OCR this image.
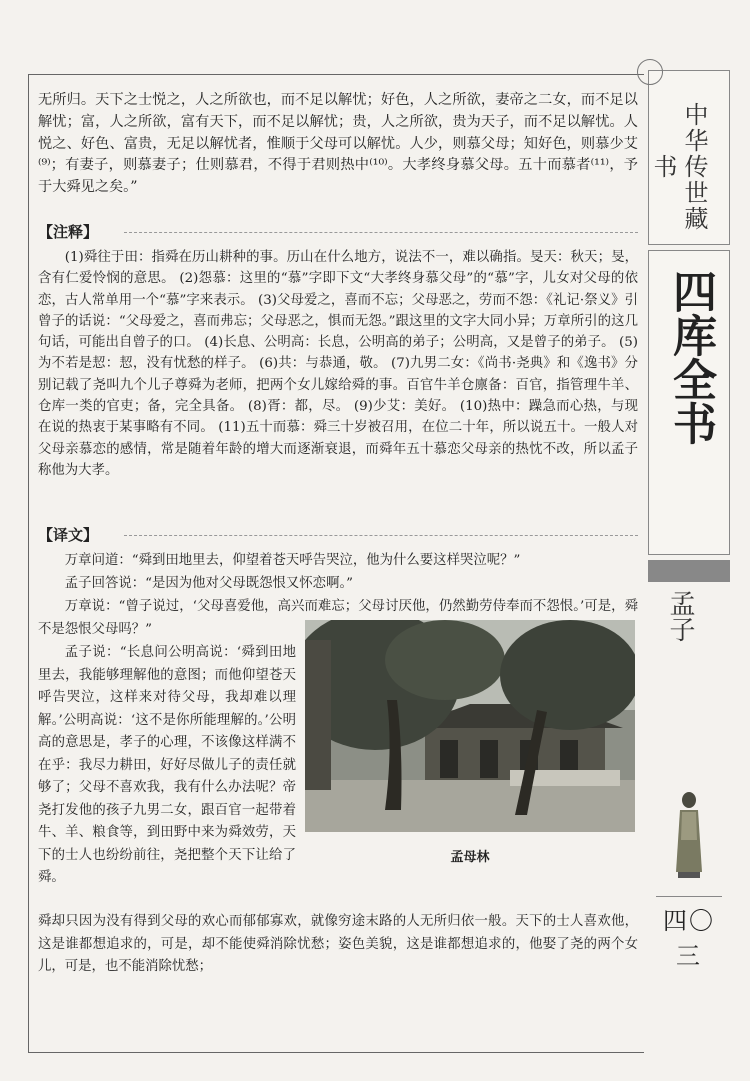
中华传世藏书
四库全书
孟子
四〇三

无所归。天下之士悦之，人之所欲也，而不足以解忧；好色，人之所欲，妻帝之二女，而不足以解忧；富，人之所欲，富有天下，而不足以解忧；贵，人之所欲，贵为天子，而不足以解忧。人悦之、好色、富贵，无足以解忧者，惟顺于父母可以解忧。人少，则慕父母；知好色，则慕少艾⁽⁹⁾；有妻子，则慕妻子；仕则慕君，不得于君则热中⁽¹⁰⁾。大孝终身慕父母。五十而慕者⁽¹¹⁾，予于大舜见之矣。”

【注释】

(1)舜往于田：指舜在历山耕种的事。历山在什么地方，说法不一，难以确指。旻天：秋天；旻，含有仁爱怜悯的意思。 (2)怨慕：这里的“慕”字即下文“大孝终身慕父母”的“慕”字，儿女对父母的依恋，古人常单用一个“慕”字来表示。 (3)父母爱之，喜而不忘；父母恶之，劳而不怨：《礼记·祭义》引曾子的话说：“父母爱之，喜而弗忘；父母恶之，惧而无怨。”跟这里的文字大同小异；万章所引的这几句话，可能出自曾子的口。 (4)长息、公明高：长息，公明高的弟子；公明高，又是曾子的弟子。 (5)为不若是恝：恝，没有忧愁的样子。 (6)共：与恭通，敬。 (7)九男二女：《尚书·尧典》和《逸书》分别记载了尧叫九个儿子尊舜为老师，把两个女儿嫁给舜的事。百官牛羊仓廪备：百官，指管理牛羊、仓库一类的官吏；备，完全具备。 (8)胥：都，尽。 (9)少艾：美好。 (10)热中：躁急而心热，与现在说的热衷于某事略有不同。 (11)五十而慕：舜三十岁被召用，在位二十年，所以说五十。一般人对父母亲慕恋的感情，常是随着年龄的增大而逐渐衰退，而舜年五十慕恋父母亲的热忱不改，所以孟子称他为大孝。

【译文】

万章问道：“舜到田地里去，仰望着苍天呼告哭泣，他为什么要这样哭泣呢？”

孟子回答说：“是因为他对父母既怨恨又怀恋啊。”

万章说：“曾子说过，‘父母喜爱他，高兴而难忘；父母讨厌他，仍然勤劳侍奉而不怨恨。’可是，舜不是怨恨父母吗？”

孟子说：“长息问公明高说：‘舜到田地里去，我能够理解他的意图；而他仰望苍天呼告哭泣，这样来对待父母，我却难以理解。’公明高说：‘这不是你所能理解的。’公明高的意思是，孝子的心理，不该像这样满不在乎：我尽力耕田，好好尽做儿子的责任就够了；父母不喜欢我，我有什么办法呢？帝尧打发他的孩子九男二女，跟百官一起带着牛、羊、粮食等，到田野中来为舜效劳，天下的士人也纷纷前往，尧把整个天下让给了舜。

舜却只因为没有得到父母的欢心而郁郁寡欢，就像穷途末路的人无所归依一般。天下的士人喜欢他，这是谁都想追求的，可是，却不能使舜消除忧愁；姿色美貌，这是谁都想追求的，他娶了尧的两个女儿，可是，也不能消除忧愁；

孟母林
